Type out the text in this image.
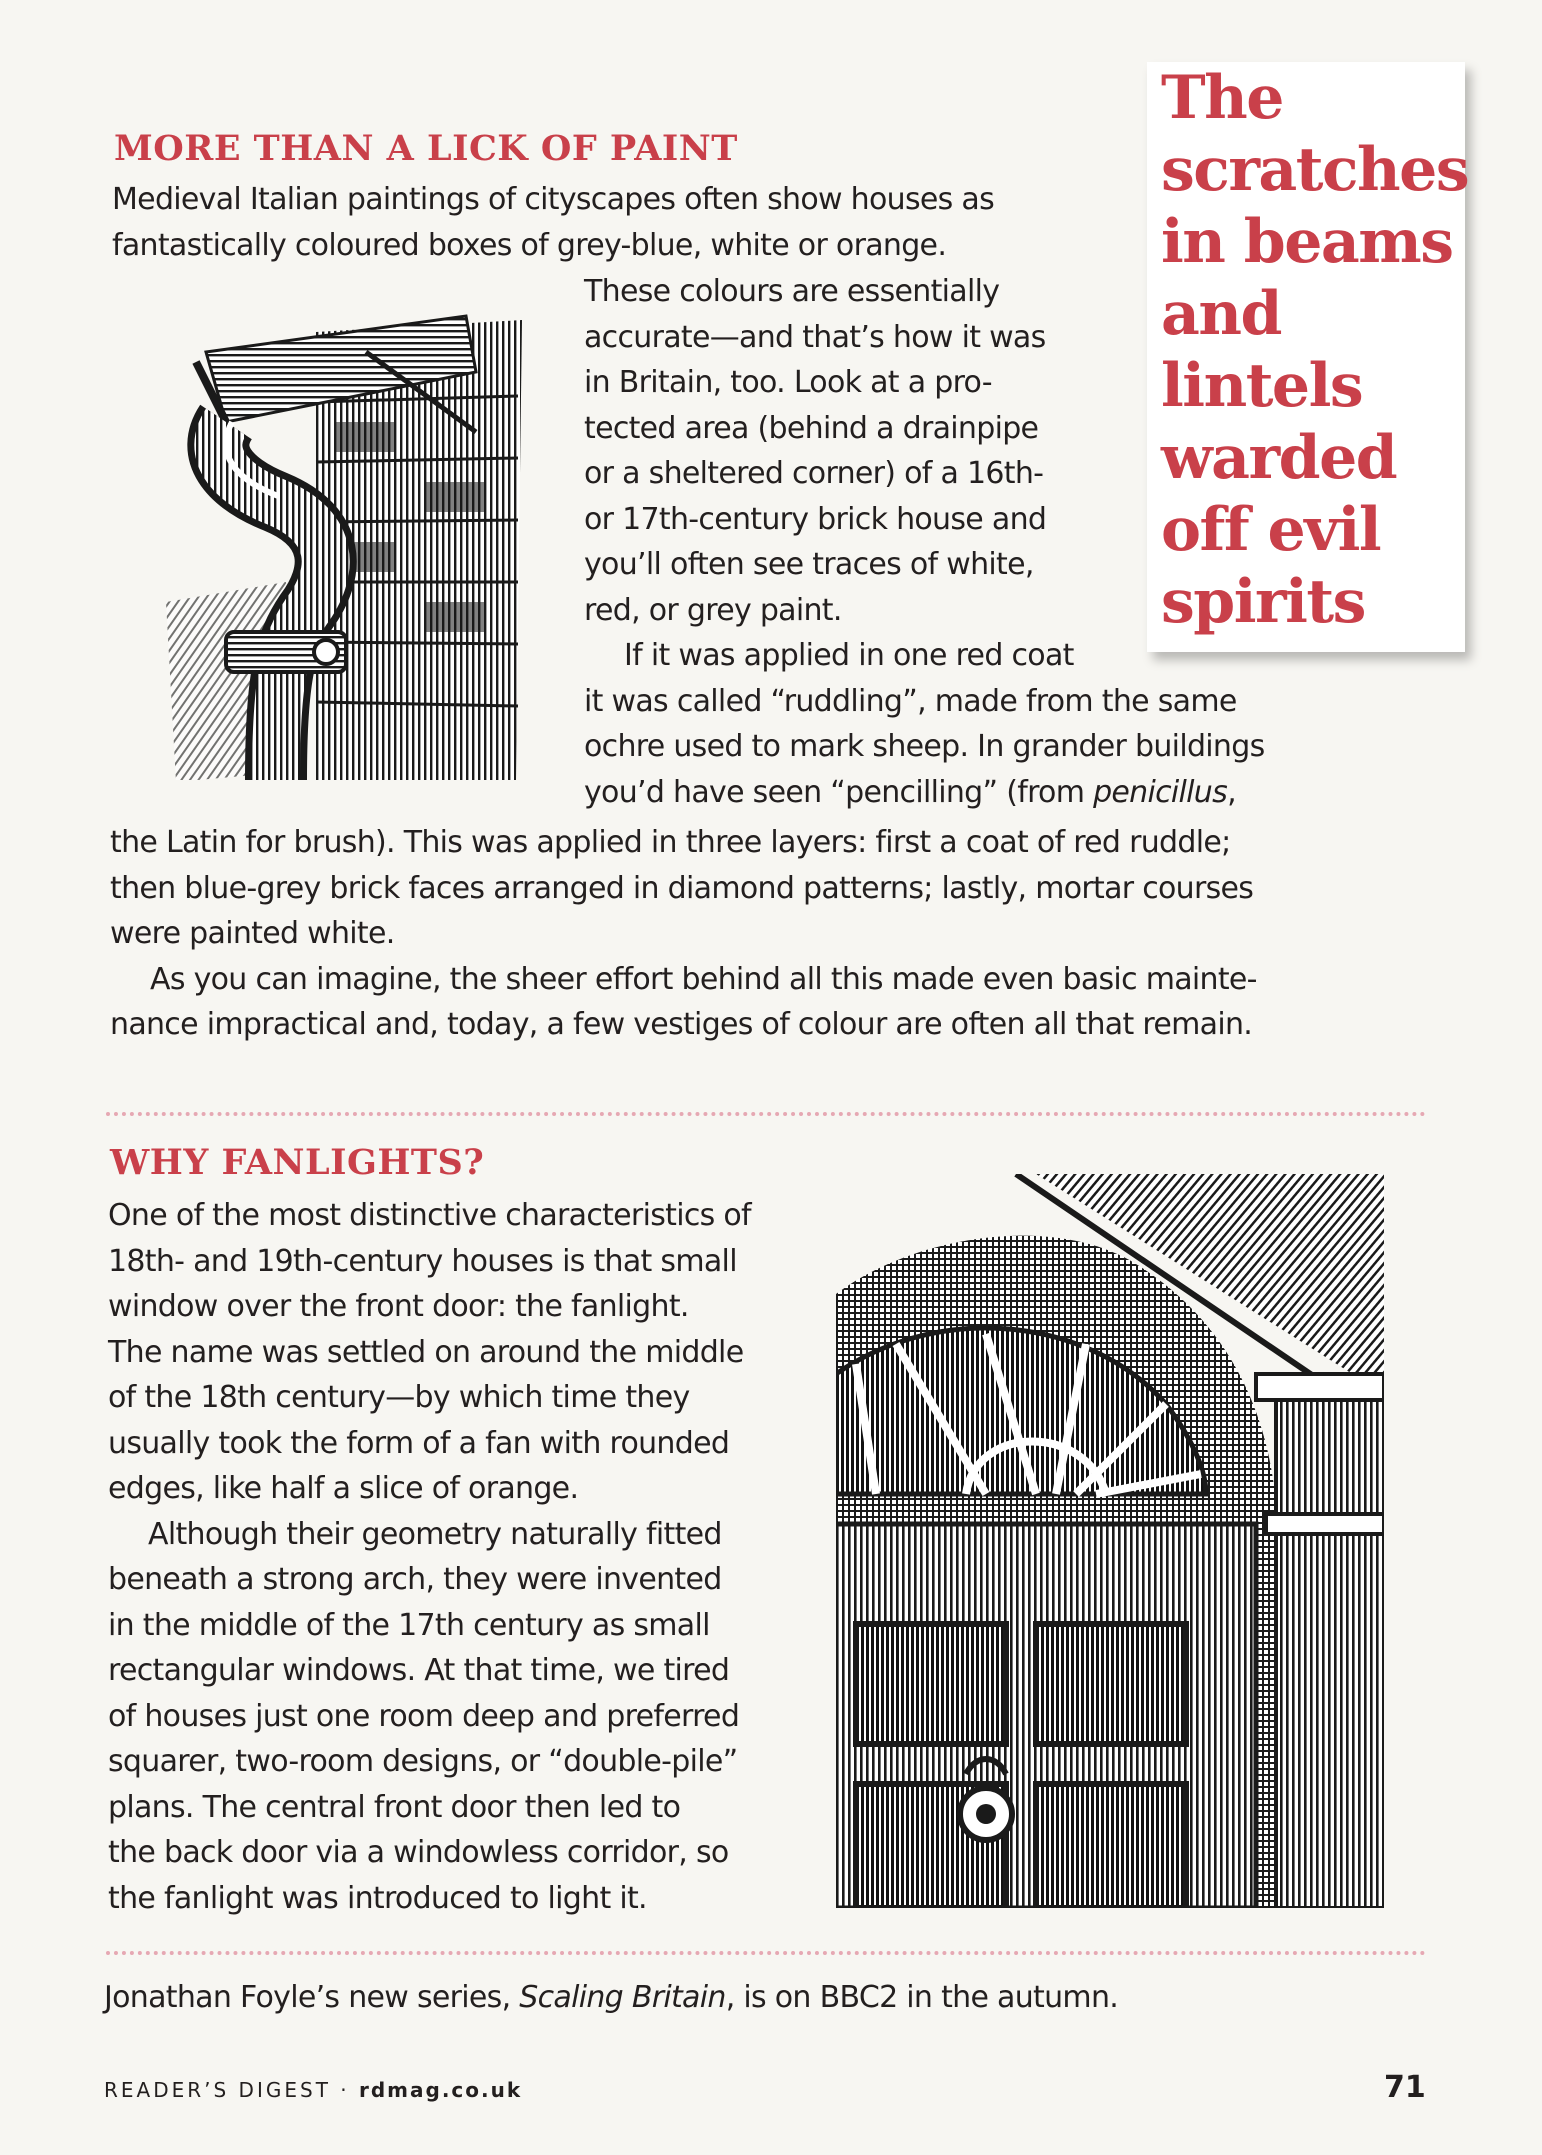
MORE THAN A LICK OF PAINT
Medieval Italian paintings of cityscapes often show houses as
fantastically coloured boxes of grey-blue, white or orange.
These colours are essentially
accurate—and that’s how it was
in Britain, too. Look at a pro-
tected area (behind a drainpipe
or a sheltered corner) of a 16th-
or 17th-century brick house and
you’ll often see traces of white,
red, or grey paint.
If it was applied in one red coat
it was called “ruddling”, made from the same
ochre used to mark sheep. In grander buildings
you’d have seen “pencilling” (from penicillus,
the Latin for brush). This was applied in three layers: first a coat of red ruddle;
then blue-grey brick faces arranged in diamond patterns; lastly, mortar courses
were painted white.
As you can imagine, the sheer effort behind all this made even basic mainte-
nance impractical and, today, a few vestiges of colour are often all that remain.
The
scratches
in beams
and
lintels
warded
off evil
spirits
WHY FANLIGHTS?
One of the most distinctive characteristics of
18th- and 19th-century houses is that small
window over the front door: the fanlight.
The name was settled on around the middle
of the 18th century—by which time they
usually took the form of a fan with rounded
edges, like half a slice of orange.
Although their geometry naturally fitted
beneath a strong arch, they were invented
in the middle of the 17th century as small
rectangular windows. At that time, we tired
of houses just one room deep and preferred
squarer, two-room designs, or “double-pile”
plans. The central front door then led to
the back door via a windowless corridor, so
the fanlight was introduced to light it.
Jonathan Foyle’s new series, Scaling Britain, is on BBC2 in the autumn.
READER’S DIGEST · rdmag.co.uk	71
